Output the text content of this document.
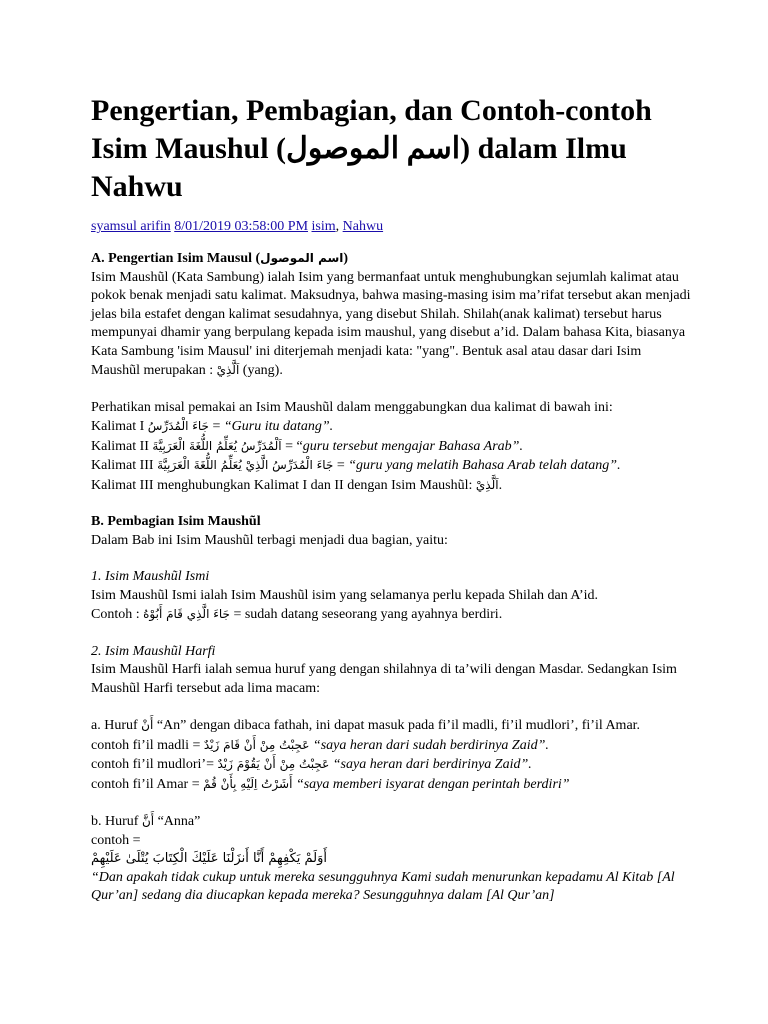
Pengertian, Pembagian, dan Contoh-contoh Isim Maushul (اسم الموصول) dalam Ilmu Nahwu
syamsul arifin 8/01/2019 03:58:00 PM isim, Nahwu

A. Pengertian Isim Mausul (اسم الموصول)

Isim Maushũl (Kata Sambung) ialah Isim yang bermanfaat untuk menghubungkan sejumlah kalimat atau pokok benak menjadi satu kalimat. Maksudnya, bahwa masing-masing isim ma’rifat tersebut akan menjadi jelas bila estafet dengan kalimat sesudahnya, yang disebut Shilah. Shilah(anak kalimat) tersebut harus mempunyai dhamir yang berpulang kepada isim maushul, yang disebut a’id. Dalam bahasa Kita, biasanya Kata Sambung 'isim Mausul' ini diterjemah menjadi kata: "yang". Bentuk asal atau dasar dari Isim Maushũl merupakan : اَلَّذِيْ (yang).

Perhatikan misal pemakai an Isim Maushũl dalam menggabungkan dua kalimat di bawah ini:

Kalimat I جَاءَ الْمُدَرِّسُ = “Guru itu datang”.

Kalimat II اَلْمُدَرِّسُ يُعَلِّمُ اللُّغَةَ الْعَرَبِيَّةَ = “guru tersebut mengajar Bahasa Arab”.

Kalimat III جَاءَ الْمُدَرِّسُ الَّذِيْ يُعَلِّمُ اللُّغَةَ الْعَرَبِيَّةَ = “guru yang melatih Bahasa Arab telah datang”.

Kalimat III menghubungkan Kalimat I dan II dengan Isim Maushũl: اَلَّذِيْ.

B. Pembagian Isim Maushũl

Dalam Bab ini Isim Maushũl terbagi menjadi dua bagian, yaitu:

1. Isim Maushũl Ismi

Isim Maushũl Ismi ialah Isim Maushũl isim yang selamanya perlu kepada Shilah dan A’id.

Contoh : جَاءَ الَّذِي قَامَ أَبُوْهُ = sudah datang seseorang yang ayahnya berdiri.

2. Isim Maushũl Harfi

Isim Maushũl Harfi ialah semua huruf yang dengan shilahnya di ta’wili dengan Masdar. Sedangkan Isim Maushũl Harfi tersebut ada lima macam:

a. Huruf أَنْ “An” dengan dibaca fathah, ini dapat masuk pada fi’il madli, fi’il mudlori’, fi’il Amar.

contoh fi’il madli = عَجِبْتُ مِنْ أَنْ قَامَ زَيْدٌ “saya heran dari sudah berdirinya Zaid”.

contoh fi’il mudlori’= عَجِبْتُ مِنْ أَنْ يَقُوْمَ زَيْدٌ “saya heran dari berdirinya Zaid”.

contoh fi’il Amar = أَشَرْتُ اِلَيْهِ بِأَنْ قُمْ “saya memberi isyarat dengan perintah berdiri”

b. Huruf أَنَّ “Anna”

contoh =

أَوَلَمْ يَكْفِهِمْ أَنَّا أَنزَلْنَا عَلَيْكَ الْكِتَابَ يُتْلَىٰ عَلَيْهِمْ

“Dan apakah tidak cukup untuk mereka sesungguhnya Kami sudah menurunkan kepadamu Al Kitab [Al Qur’an] sedang dia diucapkan kepada mereka? Sesungguhnya dalam [Al Qur’an]
